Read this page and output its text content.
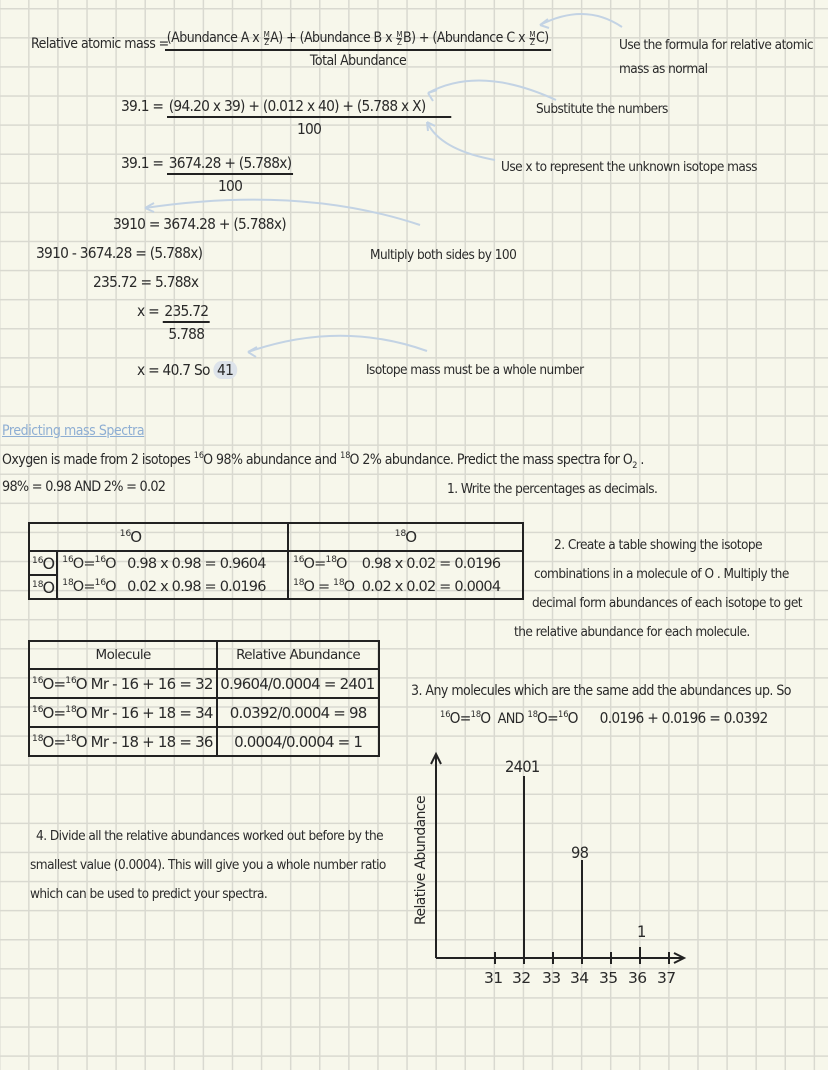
Relative atomic mass =
(Abundance A x $\frac{M}{Z} A$) + (Abundance B x $\frac{M}{Z} B$) + (Abundance C x $\frac{M}{Z} C$)
Total Abundance
Use the formula for relative atomic
mass as normal
$39.1 = \frac{\text{(94.20 x 39) + (0.012 x 40) + (5.788 x X)}}{100}$	Substitute the numbers
$39.1 = \frac{3674.28 + (5.788x)}{100}$	Use x to represent the unknown isotope mass
3910 = 3674.28 + (5.788x)
3910 - 3674.28 = (5.788x)	Multiply both sides by 100
235.72 = 5.788x
$x = \frac{235.72}{5.788}$
x = 40.7 So 41	Isotope mass must be a whole number
Predicting mass Spectra
Oxygen is made from 2 isotopes $^{16}$O 98% abundance and $^{18}$O 2% abundance. Predict the mass spectra for $O_2$ .
98% = 0.98 AND 2% = 0.02	1. Write the percentages as decimals.
$^{16}$O		$^{18}$O
$^{16}$O	$^{16}$O=$^{16}$O   0.98 x 0.98 = 0.9604	$^{16}$O=$^{18}$O    0.98 x 0.02 = 0.0196
$^{18}$O	$^{18}$O=$^{16}$O   0.02 x 0.98 = 0.0196	$^{18}$O = $^{18}$O  0.02 x 0.02 = 0.0004
2. Create a table showing the isotope
combinations in a molecule of O . Multiply the
decimal form abundances of each isotope to get
the relative abundance for each molecule.
Molecule	Relative Abundance
$^{16}$O=$^{16}$O Mr - 16 + 16 = 32	0.9604/0.0004 = 2401
$^{16}$O=$^{18}$O Mr - 16 + 18 = 34	0.0392/0.0004 = 98
$^{18}$O=$^{18}$O Mr - 18 + 18 = 36	0.0004/0.0004 = 1
3. Any molecules which are the same add the abundances up. So
$^{16}$O=$^{18}$O  AND $^{18}$O=$^{16}$O      0.0196 + 0.0196 = 0.0392
4. Divide all the relative abundances worked out before by the
smallest value (0.0004). This will give you a whole number ratio
which can be used to predict your spectra.	Relative Abundance
2401
98
1
31 32 33 34 35 36 37
